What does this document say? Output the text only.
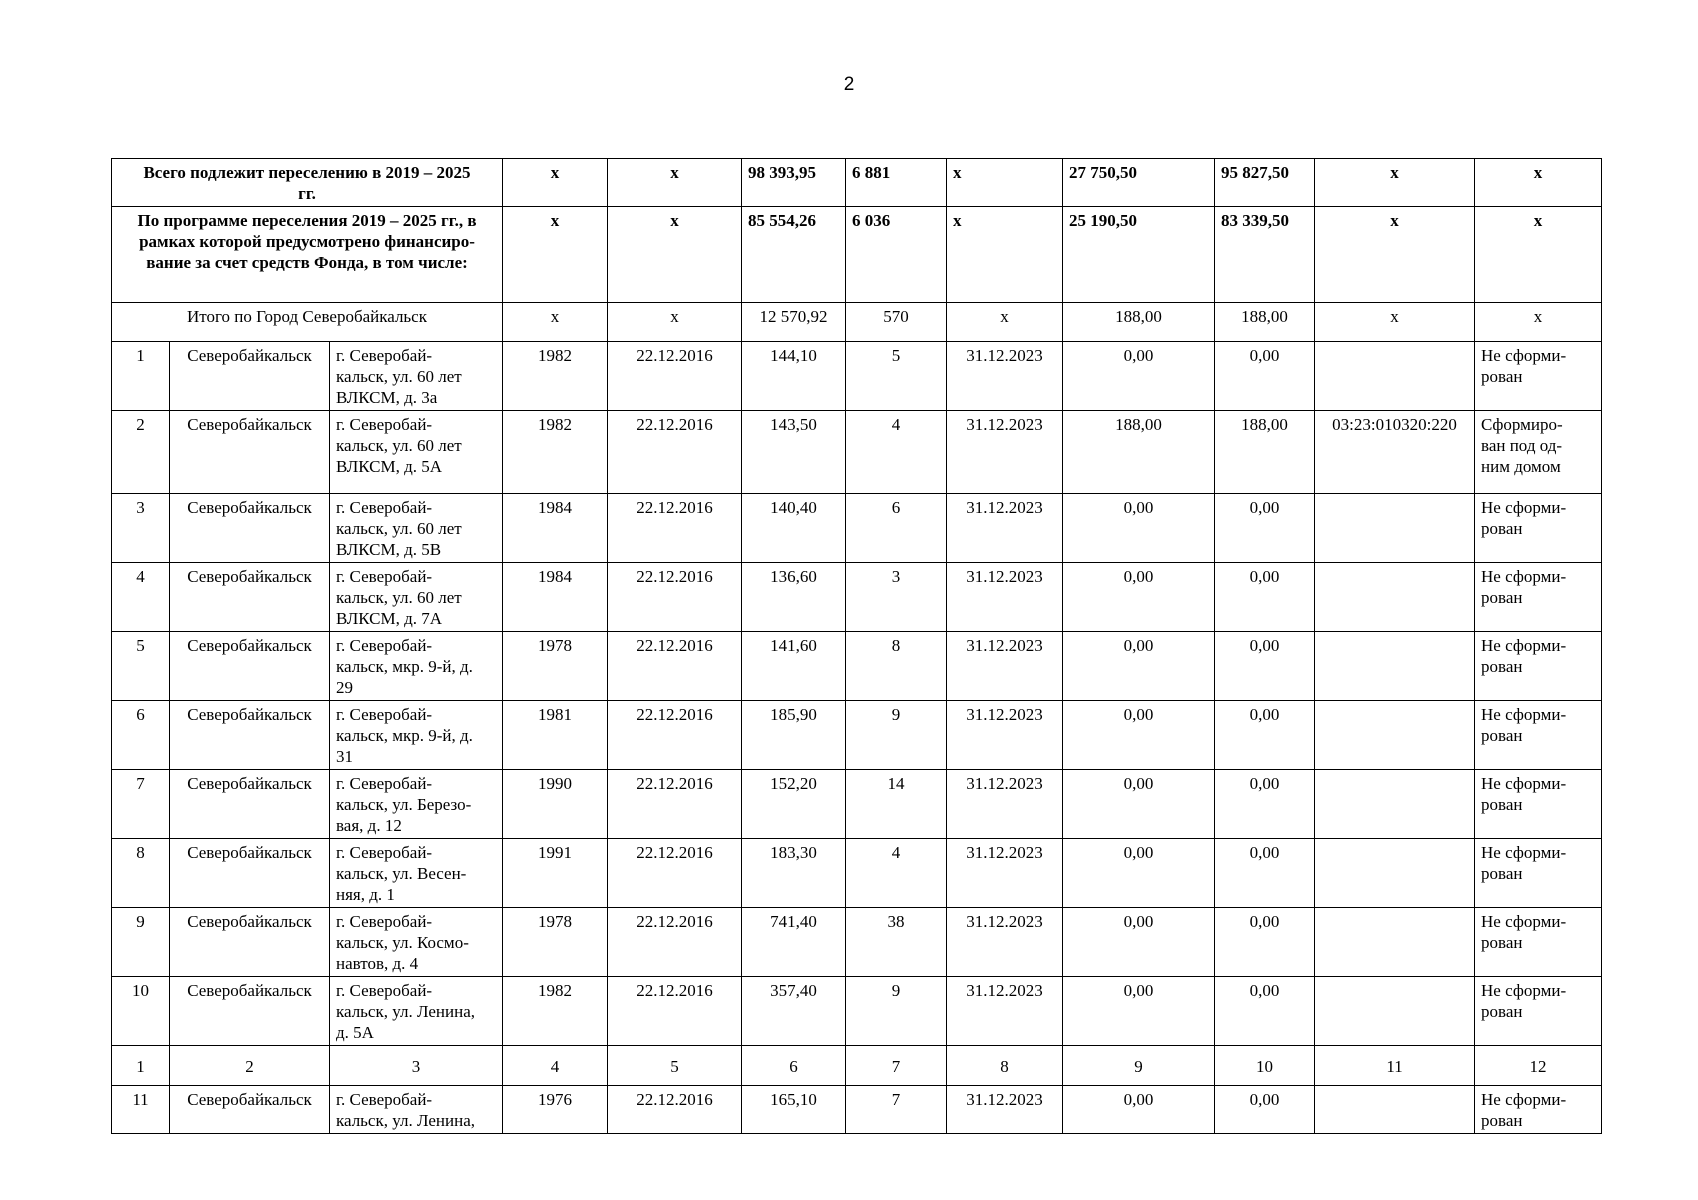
2
Всего подлежит переселению в 2019 – 2025
гг.			х	х	98 393,95	6 881	х	27 750,50	95 827,50	х	х
По программе переселения 2019 – 2025 гг., в
рамках которой предусмотрено финансиро-
вание за счет средств Фонда, в том числе:			х	х	85 554,26	6 036	х	25 190,50	83 339,50	х	х
Итого по Город Северобайкальск			х	х	12 570,92	570	х	188,00	188,00	х	х
1	Северобайкальск	г. Северобай-
кальск, ул. 60 лет
ВЛКСМ, д. 3а	1982	22.12.2016	144,10	5	31.12.2023	0,00	0,00		Не сформи-
рован
2	Северобайкальск	г. Северобай-
кальск, ул. 60 лет
ВЛКСМ, д. 5А	1982	22.12.2016	143,50	4	31.12.2023	188,00	188,00	03:23:010320:220	Сформиро-
ван под од-
ним домом
3	Северобайкальск	г. Северобай-
кальск, ул. 60 лет
ВЛКСМ, д. 5В	1984	22.12.2016	140,40	6	31.12.2023	0,00	0,00		Не сформи-
рован
4	Северобайкальск	г. Северобай-
кальск, ул. 60 лет
ВЛКСМ, д. 7А	1984	22.12.2016	136,60	3	31.12.2023	0,00	0,00		Не сформи-
рован
5	Северобайкальск	г. Северобай-
кальск, мкр. 9-й, д.
29	1978	22.12.2016	141,60	8	31.12.2023	0,00	0,00		Не сформи-
рован
6	Северобайкальск	г. Северобай-
кальск, мкр. 9-й, д.
31	1981	22.12.2016	185,90	9	31.12.2023	0,00	0,00		Не сформи-
рован
7	Северобайкальск	г. Северобай-
кальск, ул. Березо-
вая, д. 12	1990	22.12.2016	152,20	14	31.12.2023	0,00	0,00		Не сформи-
рован
8	Северобайкальск	г. Северобай-
кальск, ул. Весен-
няя, д. 1	1991	22.12.2016	183,30	4	31.12.2023	0,00	0,00		Не сформи-
рован
9	Северобайкальск	г. Северобай-
кальск, ул. Космо-
навтов, д. 4	1978	22.12.2016	741,40	38	31.12.2023	0,00	0,00		Не сформи-
рован
10	Северобайкальск	г. Северобай-
кальск, ул. Ленина,
д. 5А	1982	22.12.2016	357,40	9	31.12.2023	0,00	0,00		Не сформи-
рован
1	2	3	4	5	6	7	8	9	10	11	12
11	Северобайкальск	г. Северобай-
кальск, ул. Ленина,	1976	22.12.2016	165,10	7	31.12.2023	0,00	0,00		Не сформи-
рован
